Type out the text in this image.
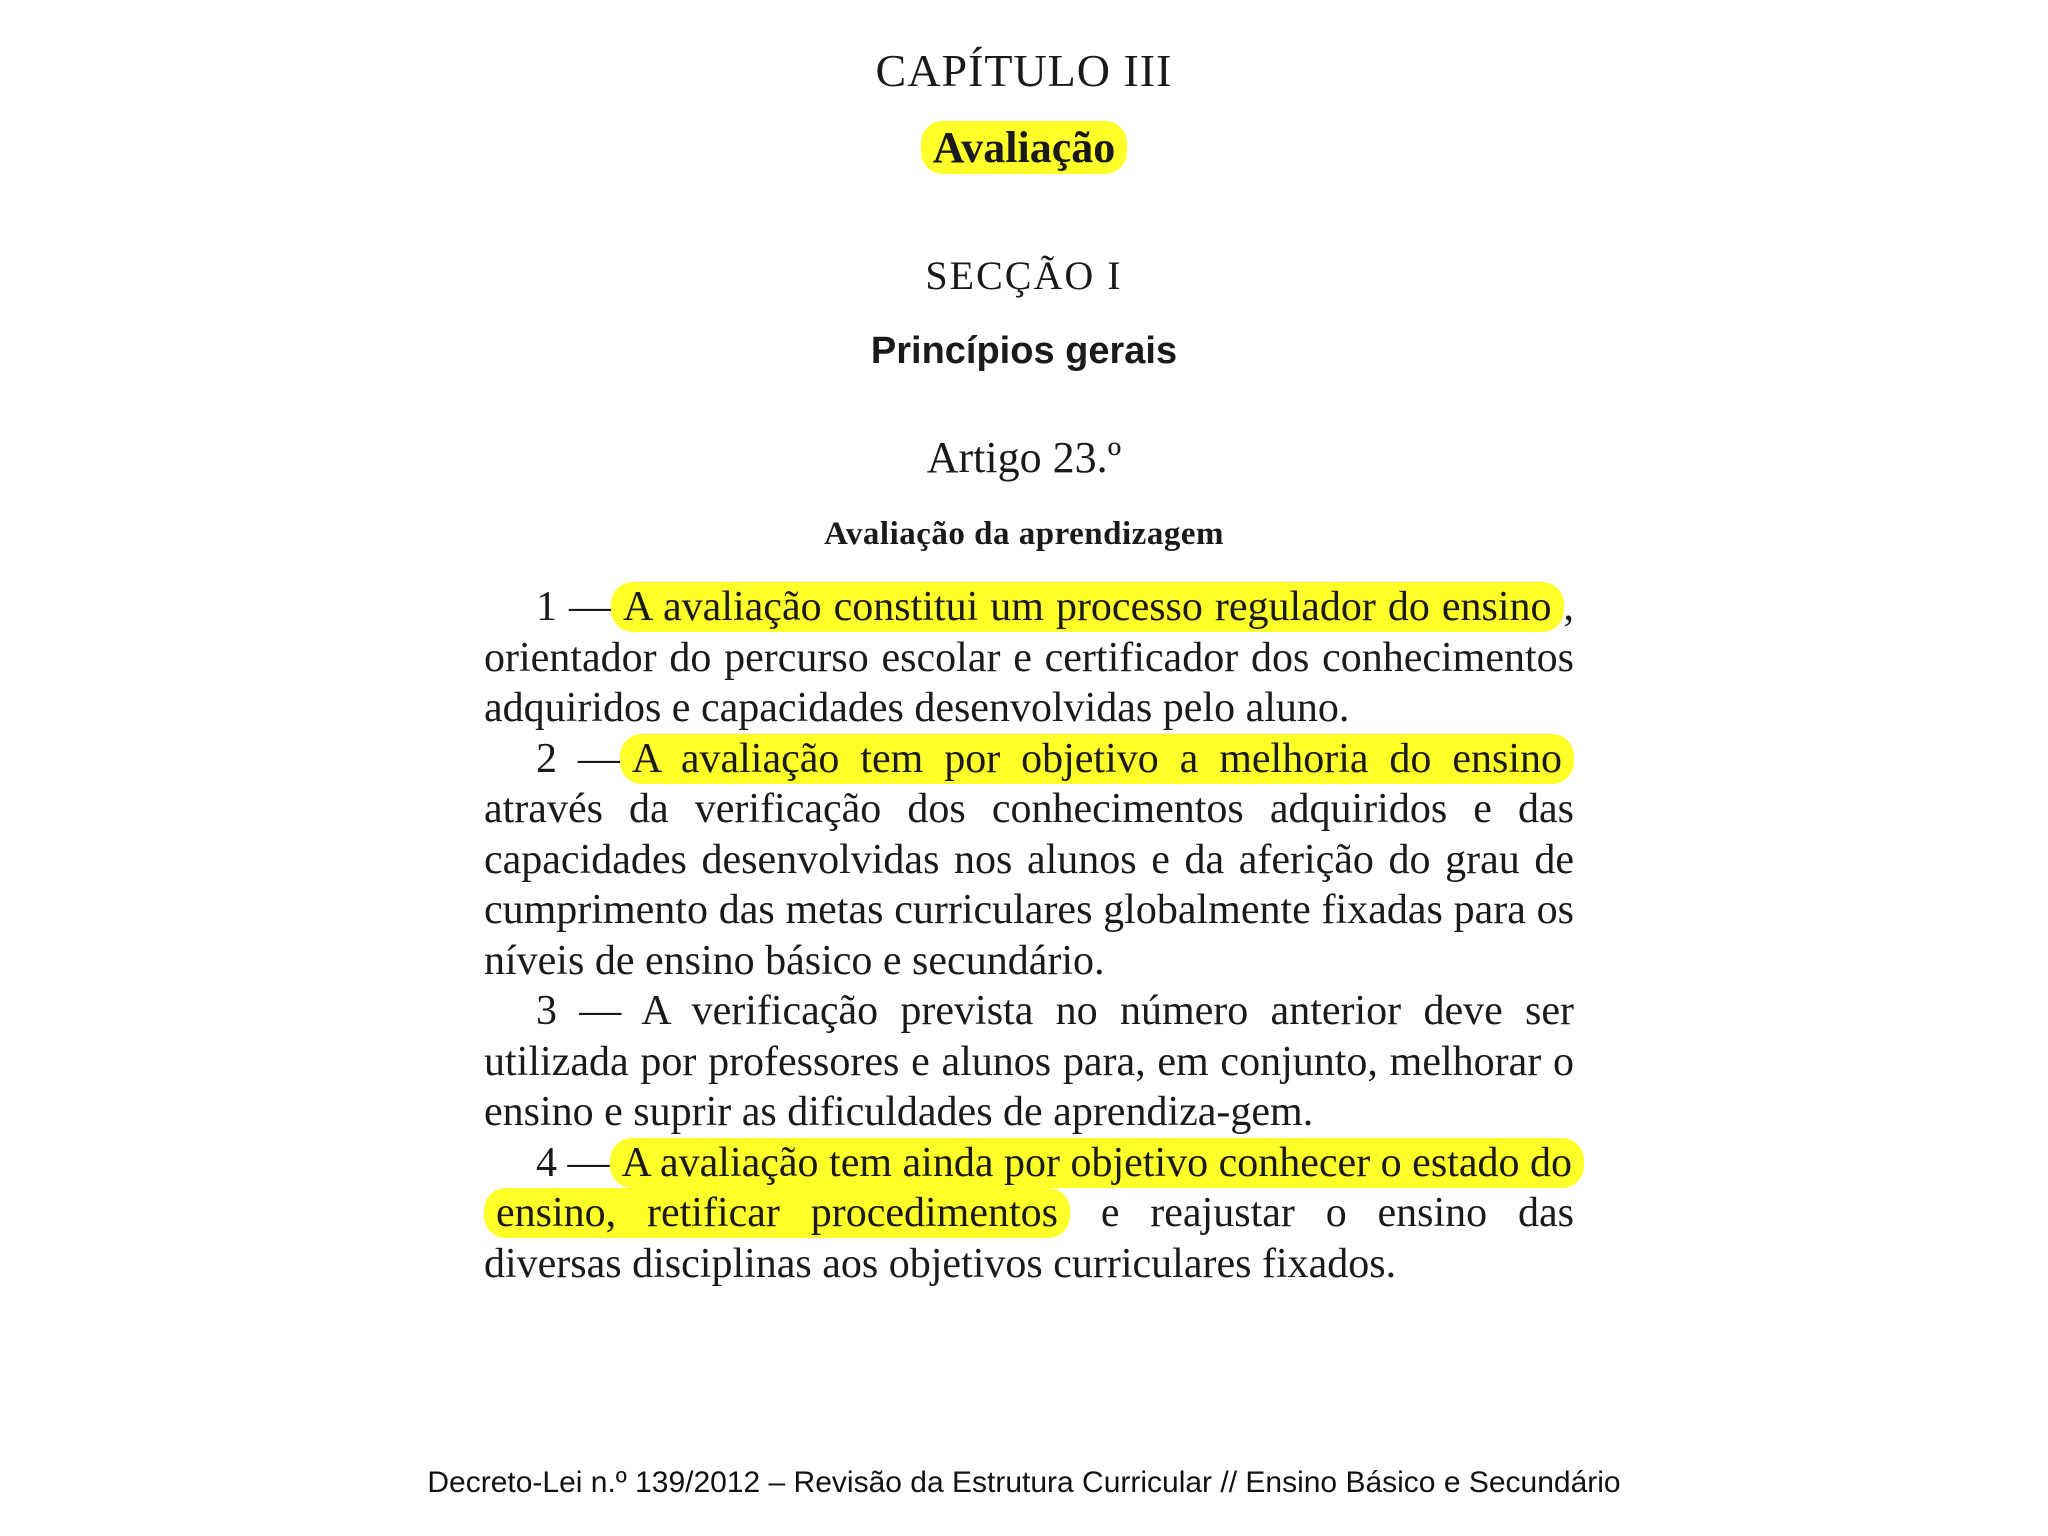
CAPÍTULO III
Avaliação
SECÇÃO I
Princípios gerais
Artigo 23.º
Avaliação da aprendizagem

1 — A avaliação constitui um processo regulador do ensino , orientador do percurso escolar e certificador dos conhecimentos adquiridos e capacidades desenvolvidas pelo aluno.

2 — A avaliação tem por objetivo a melhoria do ensino através da verificação dos conhecimentos adquiridos e das capacidades desenvolvidas nos alunos e da aferição do grau de cumprimento das metas curriculares globalmente fixadas para os níveis de ensino básico e secundário.

3 — A verificação prevista no número anterior deve ser utilizada por professores e alunos para, em conjunto, melhorar o ensino e suprir as dificuldades de aprendiza-gem.

4 — A avaliação tem ainda por objetivo conhecer o estado do ensino, retificar procedimentos e reajustar o ensino das diversas disciplinas aos objetivos curriculares fixados.

Decreto-Lei n.º 139/2012 – Revisão da Estrutura Curricular // Ensino Básico e Secundário
